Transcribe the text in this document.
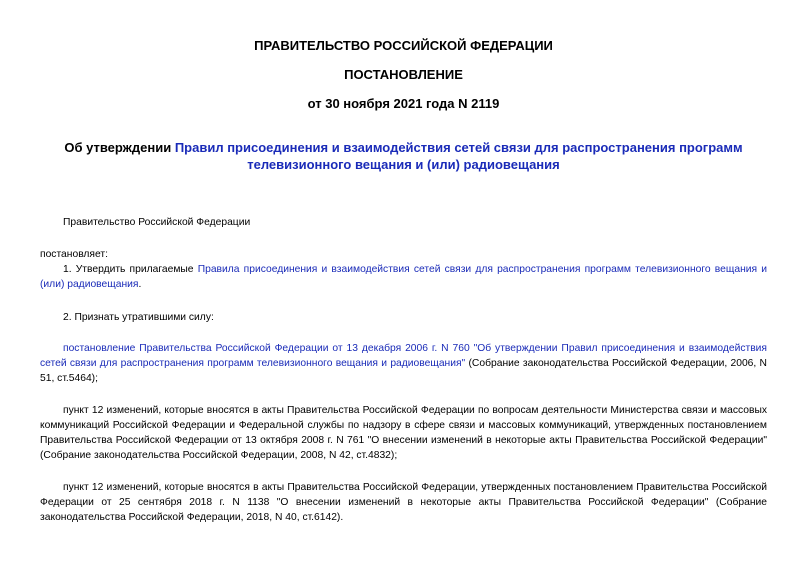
ПРАВИТЕЛЬСТВО РОССИЙСКОЙ ФЕДЕРАЦИИ

ПОСТАНОВЛЕНИЕ

от 30 ноября 2021 года N 2119

Об утверждении Правил присоединения и взаимодействия сетей связи для распространения программ телевизионного вещания и (или) радиовещания

Правительство Российской Федерации

постановляет:

1. Утвердить прилагаемые Правила присоединения и взаимодействия сетей связи для распространения программ телевизионного вещания и (или) радиовещания.

2. Признать утратившими силу:

постановление Правительства Российской Федерации от 13 декабря 2006 г. N 760 "Об утверждении Правил присоединения и взаимодействия сетей связи для распространения программ телевизионного вещания и радиовещания" (Собрание законодательства Российской Федерации, 2006, N 51, ст.5464);

пункт 12 изменений, которые вносятся в акты Правительства Российской Федерации по вопросам деятельности Министерства связи и массовых коммуникаций Российской Федерации и Федеральной службы по надзору в сфере связи и массовых коммуникаций, утвержденных постановлением Правительства Российской Федерации от 13 октября 2008 г. N 761 "О внесении изменений в некоторые акты Правительства Российской Федерации" (Собрание законодательства Российской Федерации, 2008, N 42, ст.4832);

пункт 12 изменений, которые вносятся в акты Правительства Российской Федерации, утвержденных постановлением Правительства Российской Федерации от 25 сентября 2018 г. N 1138 "О внесении изменений в некоторые акты Правительства Российской Федерации" (Собрание законодательства Российской Федерации, 2018, N 40, ст.6142).
